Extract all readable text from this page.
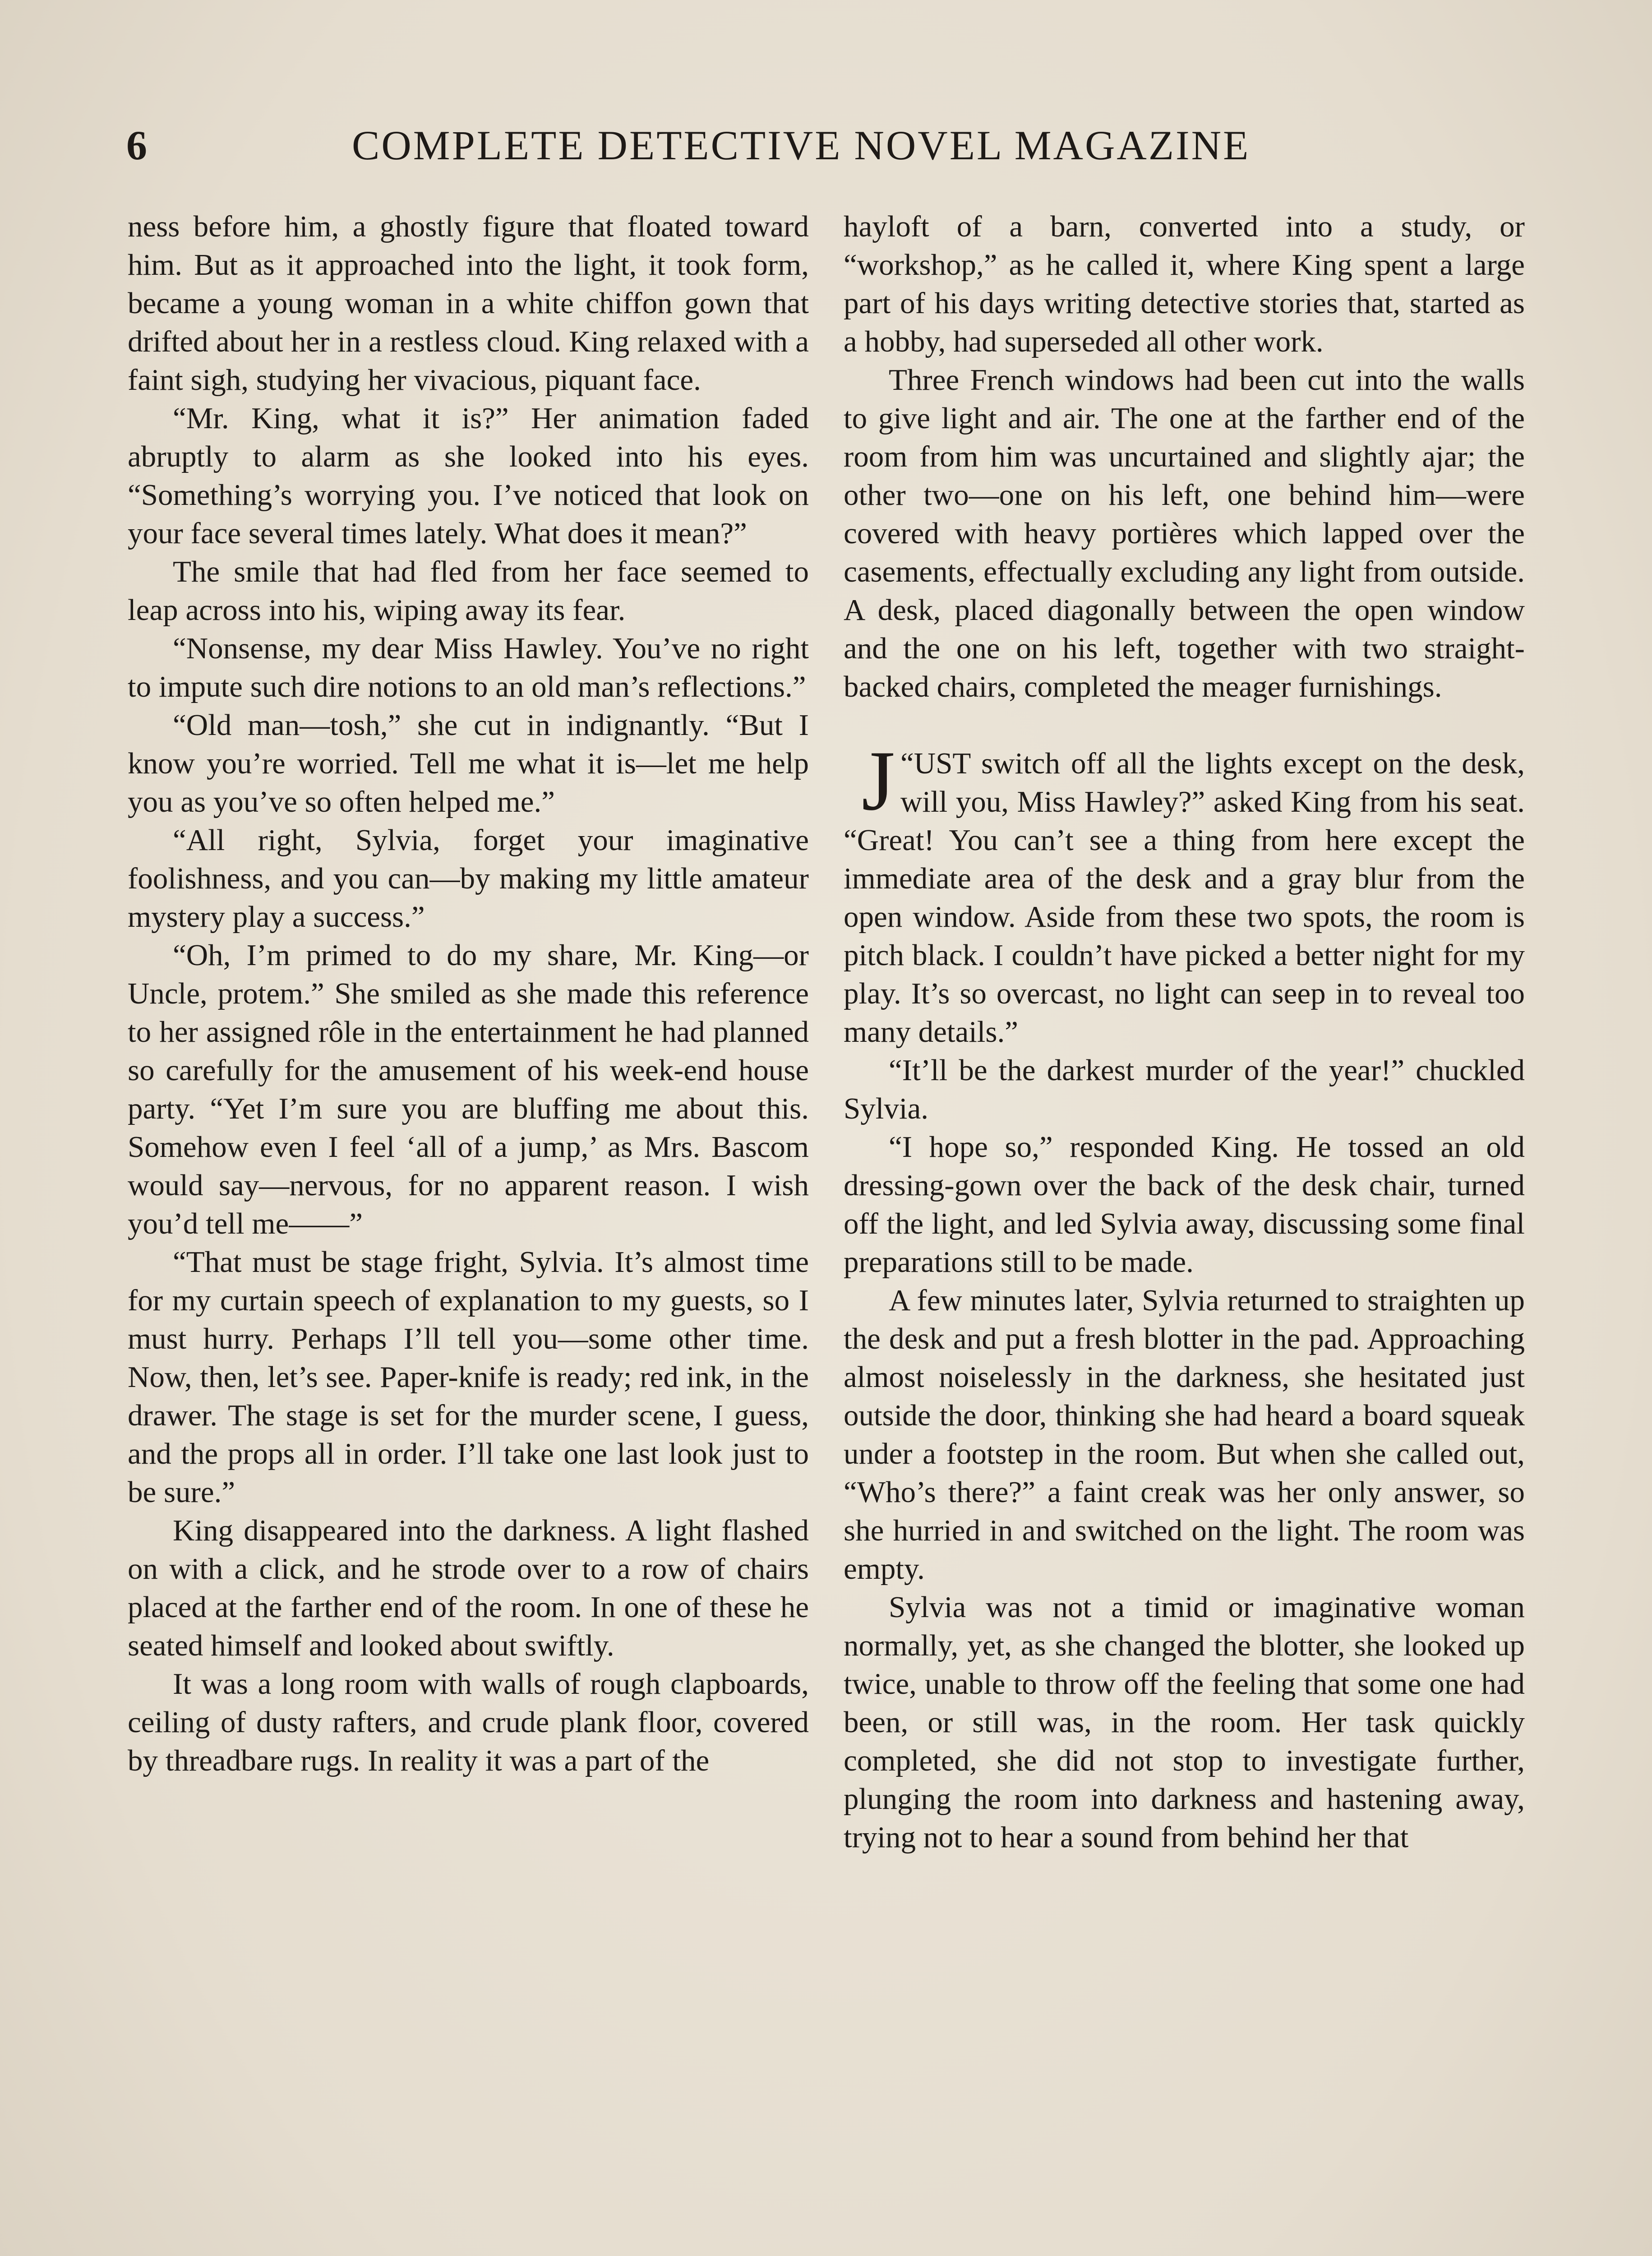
6	COMPLETE DETECTIVE NOVEL MAGAZINE

ness before him, a ghostly figure that floated toward him. But as it approached into the light, it took form, became a young woman in a white chiffon gown that drifted about her in a restless cloud. King relaxed with a faint sigh, studying her vivacious, piquant face.

“Mr. King, what it is?” Her animation faded abruptly to alarm as she looked into his eyes. “Something’s worrying you. I’ve noticed that look on your face several times lately. What does it mean?”

The smile that had fled from her face seemed to leap across into his, wiping away its fear.

“Nonsense, my dear Miss Hawley. You’ve no right to impute such dire notions to an old man’s reflections.”

“Old man—tosh,” she cut in indignantly. “But I know you’re worried. Tell me what it is—let me help you as you’ve so often helped me.”

“All right, Sylvia, forget your imaginative foolishness, and you can—by making my little amateur mystery play a success.”

“Oh, I’m primed to do my share, Mr. King—or Uncle, protem.” She smiled as she made this reference to her assigned rôle in the entertainment he had planned so carefully for the amusement of his week-end house party. “Yet I’m sure you are bluffing me about this. Somehow even I feel ‘all of a jump,’ as Mrs. Bascom would say—nervous, for no apparent reason. I wish you’d tell me——”

“That must be stage fright, Sylvia. It’s almost time for my curtain speech of explanation to my guests, so I must hurry. Perhaps I’ll tell you—some other time. Now, then, let’s see. Paper-knife is ready; red ink, in the drawer. The stage is set for the murder scene, I guess, and the props all in order. I’ll take one last look just to be sure.”

King disappeared into the darkness. A light flashed on with a click, and he strode over to a row of chairs placed at the farther end of the room. In one of these he seated himself and looked about swiftly.

It was a long room with walls of rough clapboards, ceiling of dusty rafters, and crude plank floor, covered by threadbare rugs. In reality it was a part of the

hayloft of a barn, converted into a study, or “workshop,” as he called it, where King spent a large part of his days writing detective stories that, started as a hobby, had superseded all other work.

Three French windows had been cut into the walls to give light and air. The one at the farther end of the room from him was uncurtained and slightly ajar; the other two—one on his left, one behind him—were covered with heavy portières which lapped over the casements, effectually excluding any light from outside. A desk, placed diagonally between the open window and the one on his left, together with two straight-backed chairs, completed the meager furnishings.

“
J UST switch off all the lights except on the desk, will you, Miss Hawley?” asked King from his seat. “Great! You can’t see a thing from here except the immediate area of the desk and a gray blur from the open window. Aside from these two spots, the room is pitch black. I couldn’t have picked a better night for my play. It’s so overcast, no light can seep in to reveal too many details.”

“It’ll be the darkest murder of the year!” chuckled Sylvia.

“I hope so,” responded King. He tossed an old dressing-gown over the back of the desk chair, turned off the light, and led Sylvia away, discussing some final preparations still to be made.

A few minutes later, Sylvia returned to straighten up the desk and put a fresh blotter in the pad. Approaching almost noiselessly in the darkness, she hesitated just outside the door, thinking she had heard a board squeak under a footstep in the room. But when she called out, “Who’s there?” a faint creak was her only answer, so she hurried in and switched on the light. The room was empty.

Sylvia was not a timid or imaginative woman normally, yet, as she changed the blotter, she looked up twice, unable to throw off the feeling that some one had been, or still was, in the room. Her task quickly completed, she did not stop to investigate further, plunging the room into darkness and hastening away, trying not to hear a sound from behind her that
